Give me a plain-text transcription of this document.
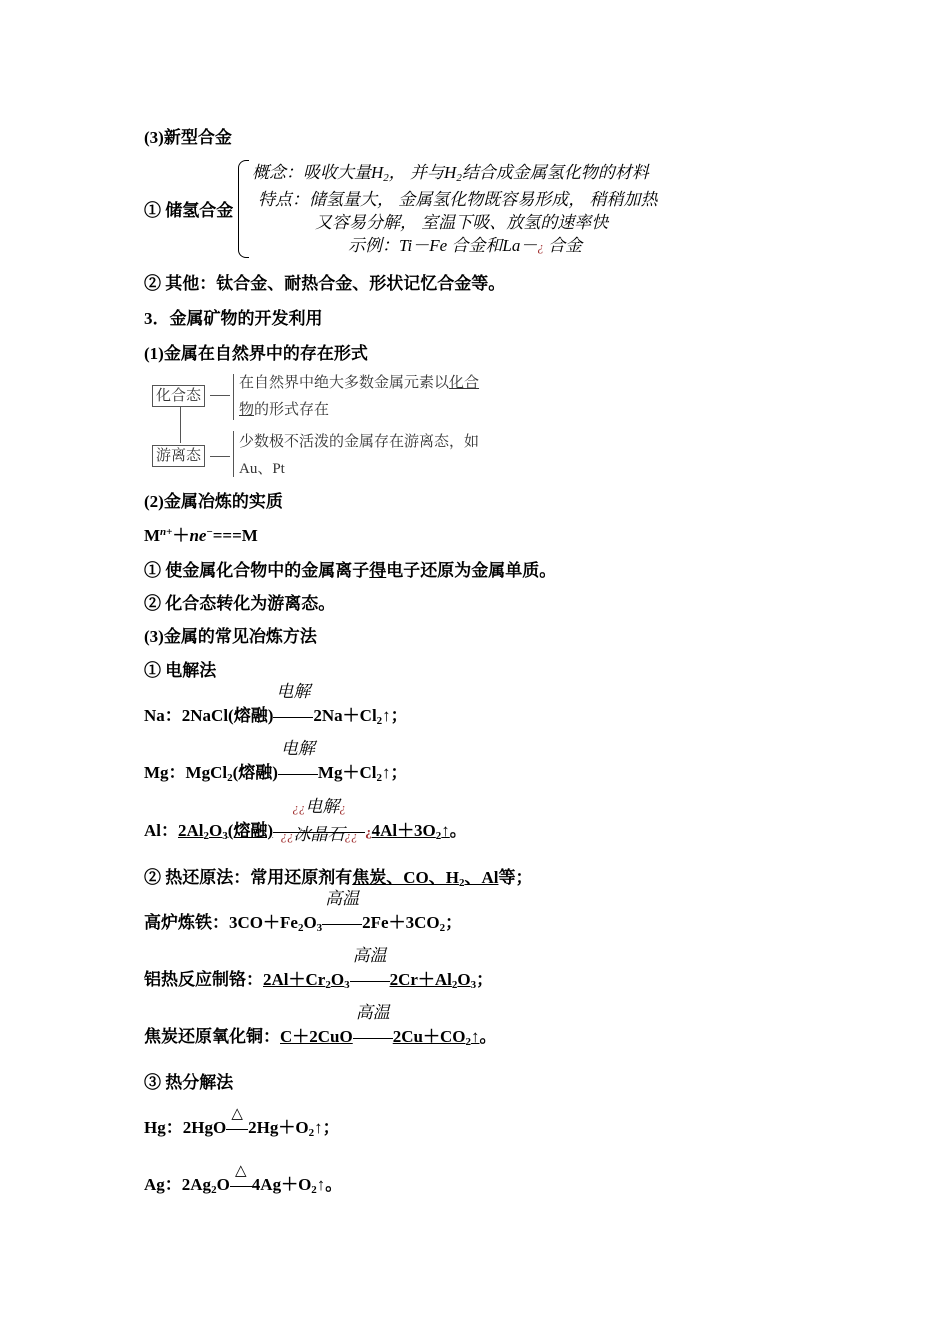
(3)新型合金
① 储氢合金
概念：吸收大量$H_2$， 并与$H_2$结合成金属氢化物的材料
特点：储氢量大， 金属氢化物既容易形成， 稍稍加热
又容易分解， 室温下吸、放氢的速率快
示例：Ti－Fe 合金和La－¿ 合金
② 其他：钛合金、耐热合金、形状记忆合金等。
3．金属矿物的开发利用
(1)金属在自然界中的存在形式
化合态
游离态
在自然界中绝大多数金属元素以化合
物的形式存在
少数极不活泼的金属存在游离态，如
Au、Pt
(2)金属冶炼的实质
$M^{n+}+ne^-===M$
① 使金属化合物中的金属离子得电子还原为金属单质。
② 化合态转化为游离态。
(3)金属的常见冶炼方法
① 电解法
Na：2NaCl(熔融)
电解
$2Na+Cl_2↑$；
Mg：MgCl$_2$(熔融)
电解
$Mg+Cl_2↑$；
Al：$2Al_2O_3$(熔融)
¿¿电解¿
¿¿冰晶石¿¿ ¿$4Al+3O_2↑$。
② 热还原法：常用还原剂有焦炭、CO、$H_2$、Al等；
高炉炼铁：$3CO+Fe_2O_3$
高温
$2Fe+3CO_2$；
铝热反应制铬：$2Al+Cr_2O_3$
高温
$2Cr+Al_2O_3$；
焦炭还原氧化铜：C＋2CuO
高温
$2Cu+CO_2↑$。
③ 热分解法
Hg：2HgO
△
$2Hg+O_2↑$；
Ag：$2Ag_2O$
△
$4Ag+O_2↑$。
